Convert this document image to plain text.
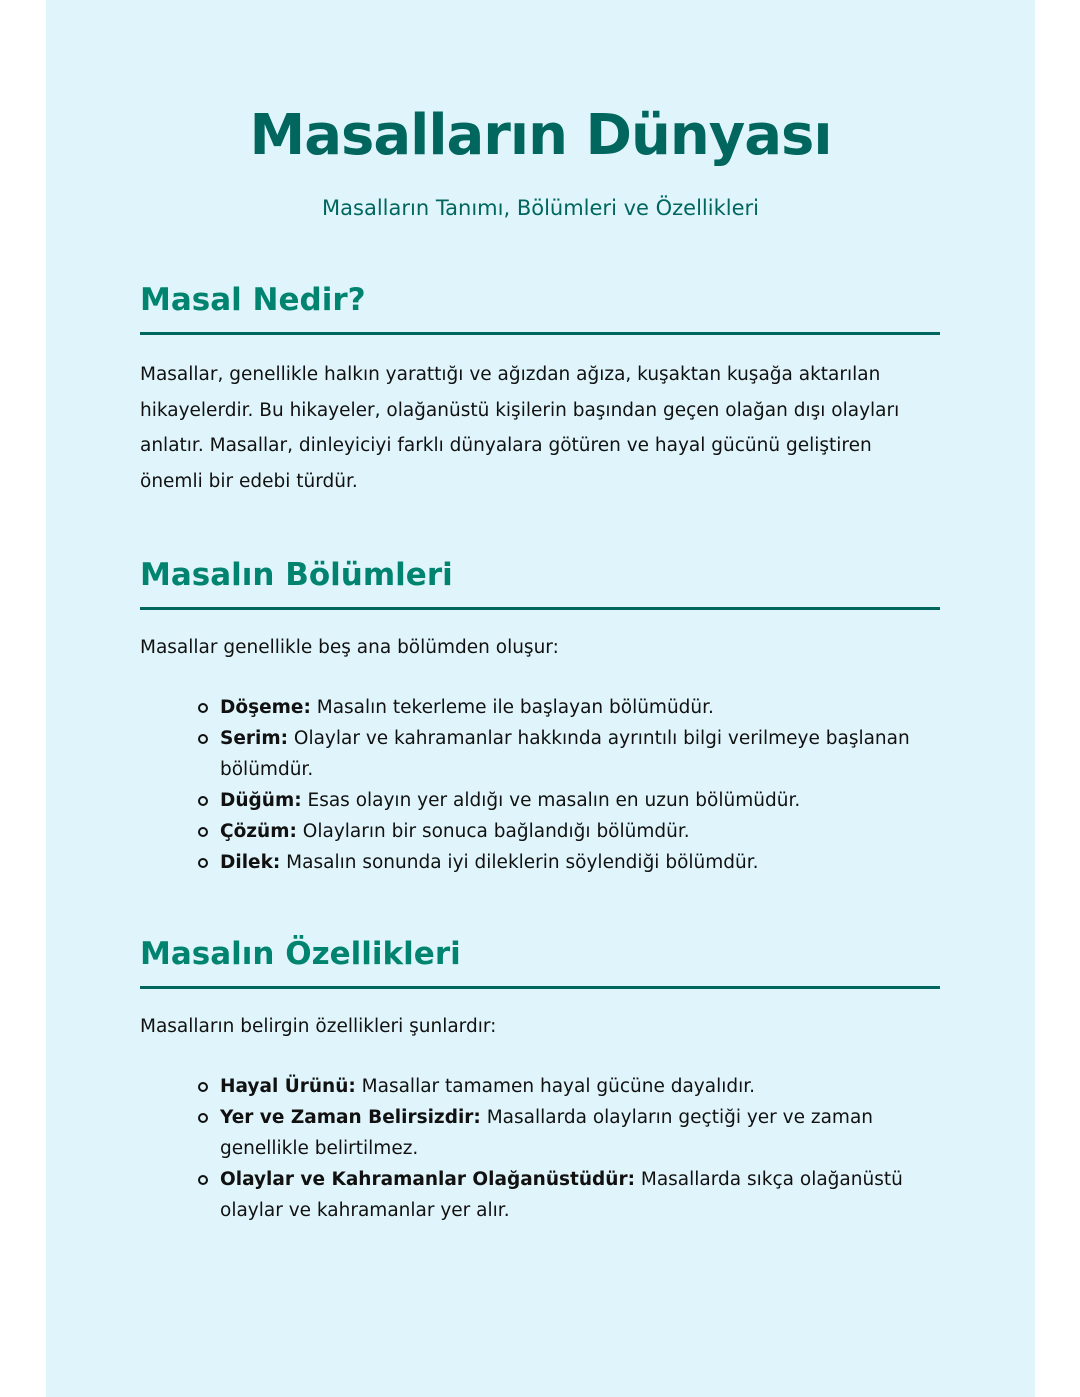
Masalların Dünyası

Masalların Tanımı, Bölümleri ve Özellikleri

Masal Nedir?

Masallar, genellikle halkın yarattığı ve ağızdan ağıza, kuşaktan kuşağa aktarılan hikayelerdir. Bu hikayeler, olağanüstü kişilerin başından geçen olağan dışı olayları anlatır. Masallar, dinleyiciyi farklı dünyalara götüren ve hayal gücünü geliştiren önemli bir edebi türdür.

Masalın Bölümleri

Masallar genellikle beş ana bölümden oluşur:

Döşeme: Masalın tekerleme ile başlayan bölümüdür.
Serim: Olaylar ve kahramanlar hakkında ayrıntılı bilgi verilmeye başlanan bölümdür.
Düğüm: Esas olayın yer aldığı ve masalın en uzun bölümüdür.
Çözüm: Olayların bir sonuca bağlandığı bölümdür.
Dilek: Masalın sonunda iyi dileklerin söylendiği bölümdür.
Masalın Özellikleri

Masalların belirgin özellikleri şunlardır:

Hayal Ürünü: Masallar tamamen hayal gücüne dayalıdır.
Yer ve Zaman Belirsizdir: Masallarda olayların geçtiği yer ve zaman genellikle belirtilmez.
Olaylar ve Kahramanlar Olağanüstüdür: Masallarda sıkça olağanüstü olaylar ve kahramanlar yer alır.
